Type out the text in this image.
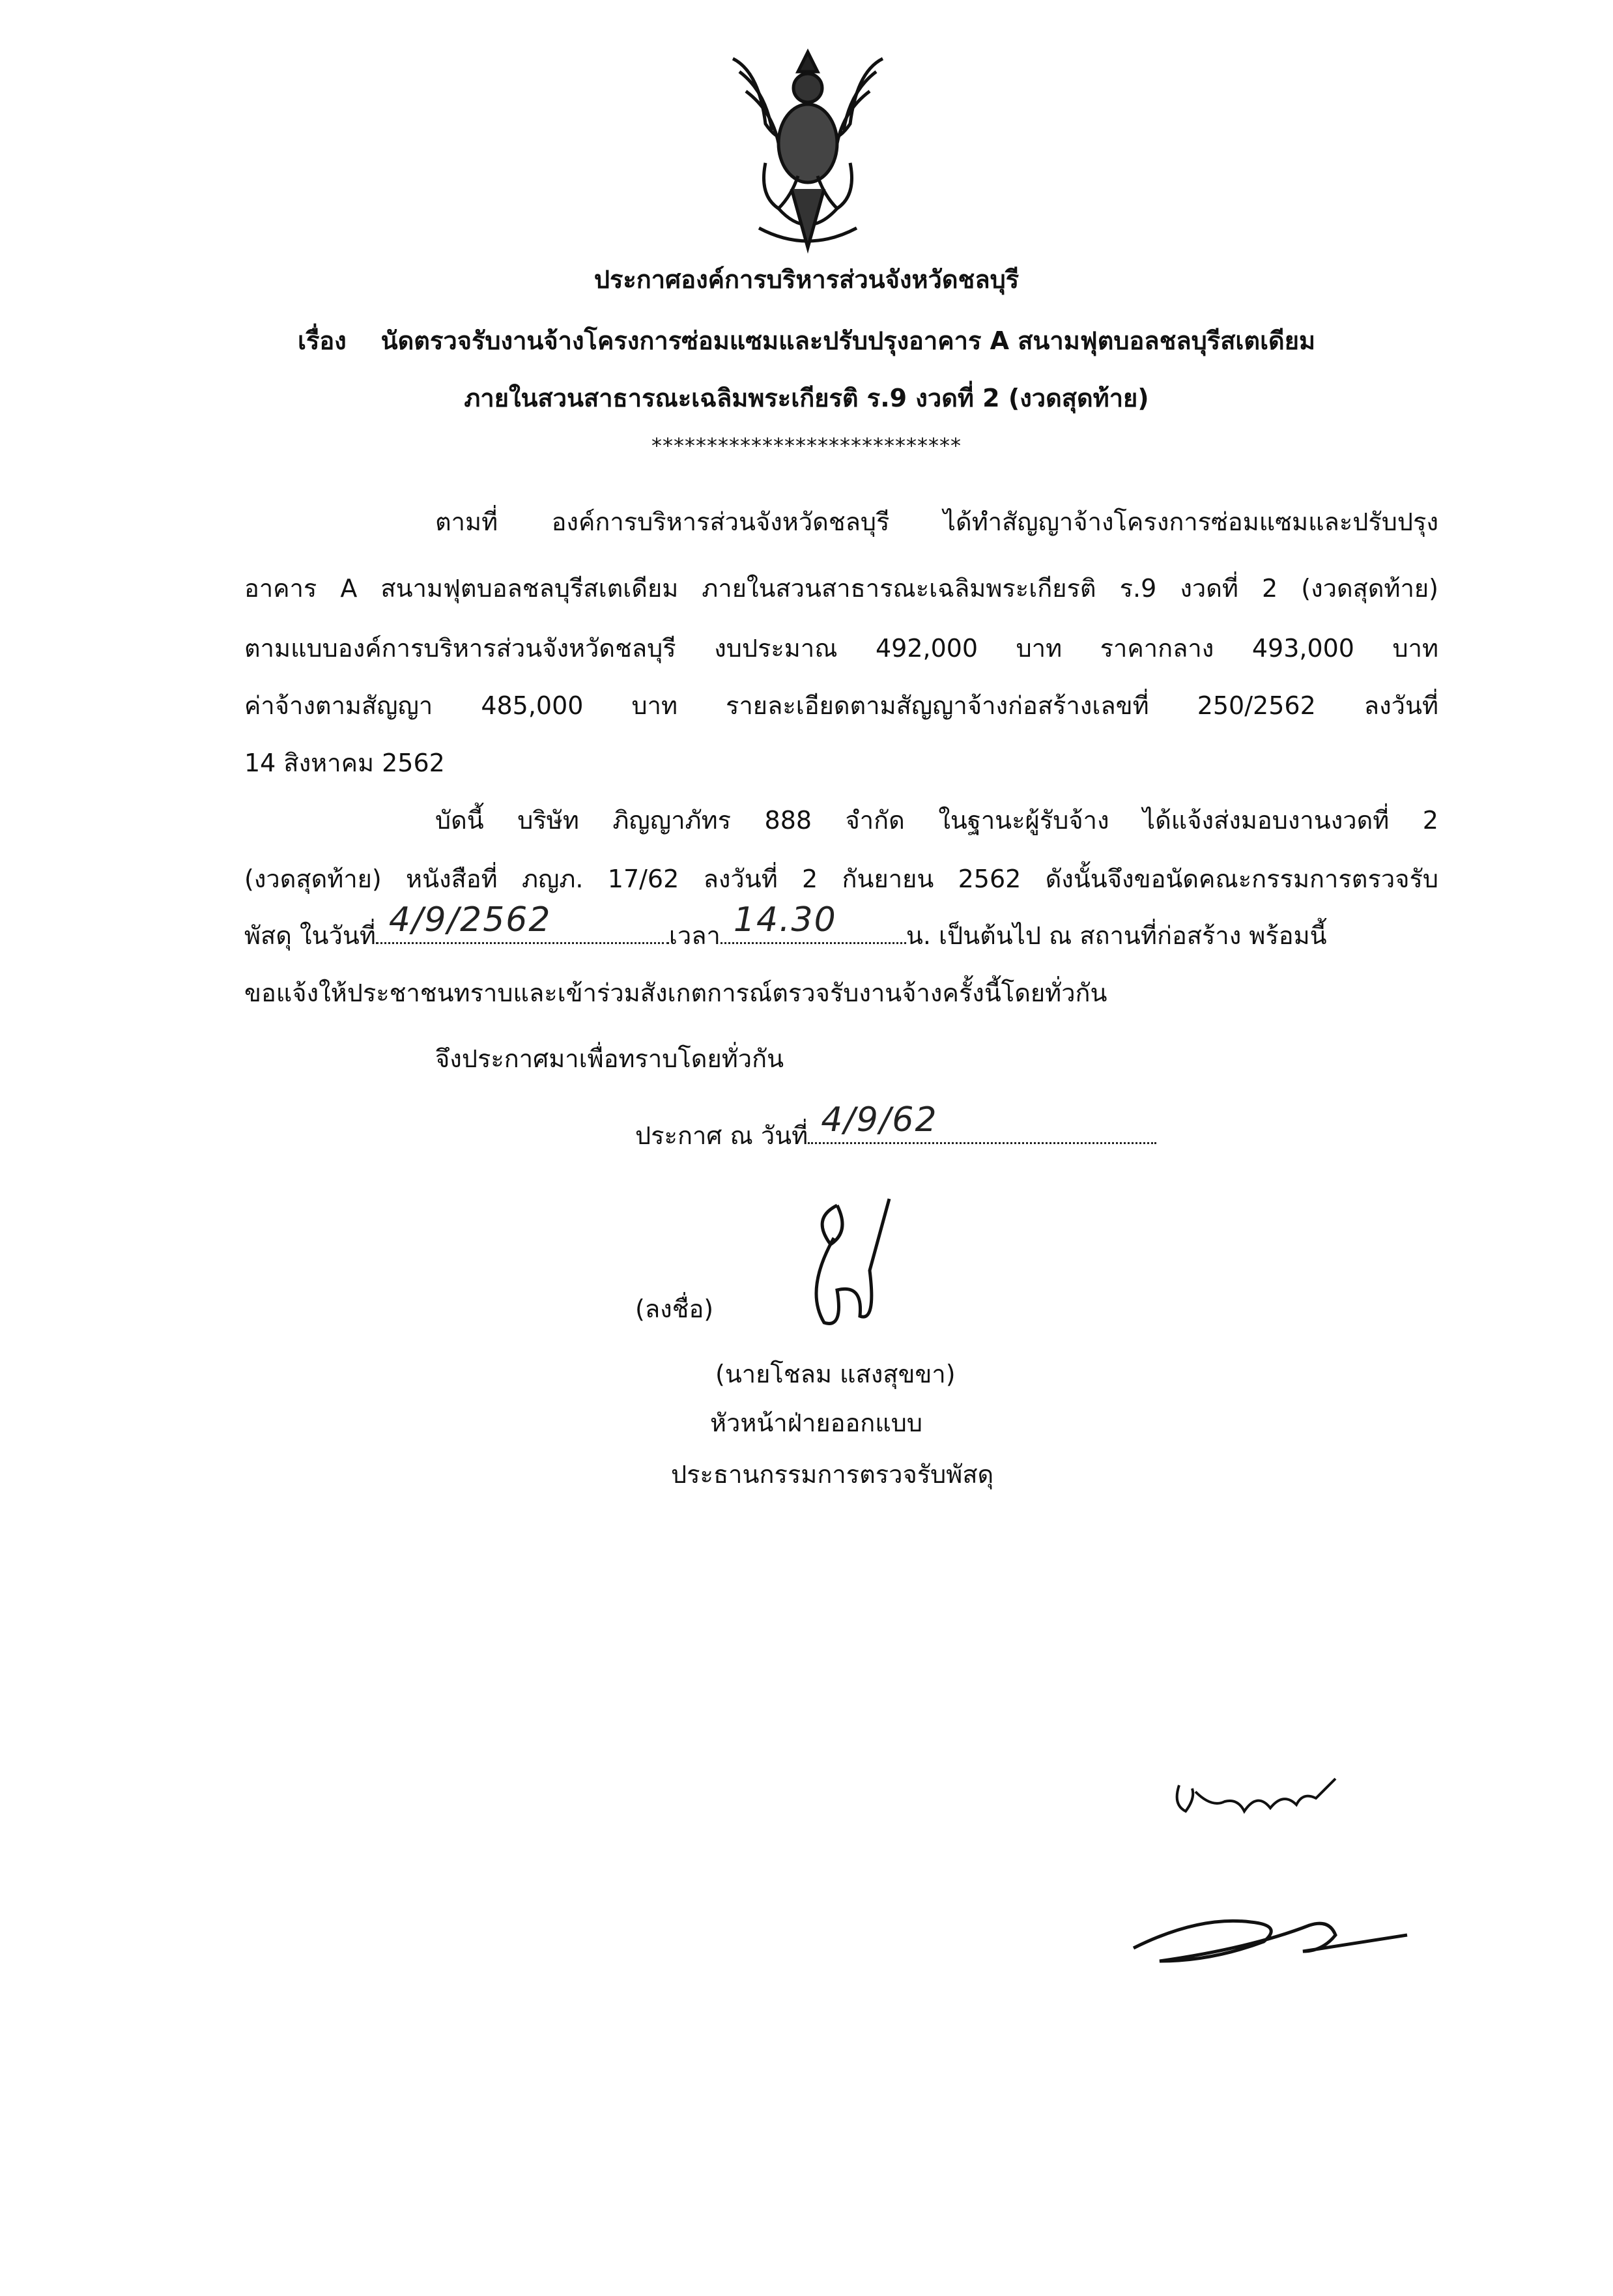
ประกาศองค์การบริหารส่วนจังหวัดชลบุรี
เรื่อง นัดตรวจรับงานจ้างโครงการซ่อมแซมและปรับปรุงอาคาร A สนามฟุตบอลชลบุรีสเตเดียม
ภายในสวนสาธารณะเฉลิมพระเกียรติ ร.9 งวดที่ 2 (งวดสุดท้าย)
****************************
ตามที่ องค์การบริหารส่วนจังหวัดชลบุรี ได้ทำสัญญาจ้างโครงการซ่อมแซมและปรับปรุง
อาคาร A สนามฟุตบอลชลบุรีสเตเดียม ภายในสวนสาธารณะเฉลิมพระเกียรติ ร.9 งวดที่ 2 (งวดสุดท้าย)
ตามแบบองค์การบริหารส่วนจังหวัดชลบุรี งบประมาณ 492,000 บาท ราคากลาง 493,000 บาท
ค่าจ้างตามสัญญา 485,000 บาท รายละเอียดตามสัญญาจ้างก่อสร้างเลขที่ 250/2562 ลงวันที่
14 สิงหาคม 2562
บัดนี้ บริษัท ภิญญาภัทร 888 จำกัด ในฐานะผู้รับจ้าง ได้แจ้งส่งมอบงานงวดที่ 2
(งวดสุดท้าย) หนังสือที่ ภญภ. 17/62 ลงวันที่ 2 กันยายน 2562 ดังนั้นจึงขอนัดคณะกรรมการตรวจรับ
พัสดุ ในวันที่ 4/9/2562	เวลา 14.30	น. เป็นต้นไป ณ สถานที่ก่อสร้าง พร้อมนี้
ขอแจ้งให้ประชาชนทราบและเข้าร่วมสังเกตการณ์ตรวจรับงานจ้างครั้งนี้โดยทั่วกัน
จึงประกาศมาเพื่อทราบโดยทั่วกัน
ประกาศ ณ วันที่ 4/9/62
(ลงชื่อ)
(นายโชลม แสงสุขขา)
หัวหน้าฝ่ายออกแบบ
ประธานกรรมการตรวจรับพัสดุ
